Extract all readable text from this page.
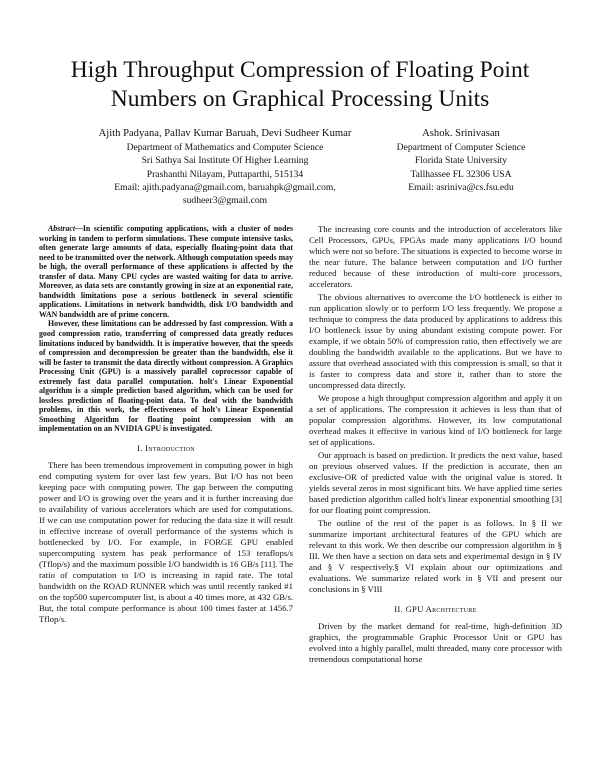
High Throughput Compression of Floating Point Numbers on Graphical Processing Units
Ajith Padyana, Pallav Kumar Baruah, Devi Sudheer Kumar
Department of Mathematics and Computer Science
Sri Sathya Sai Institute Of Higher Learning
Prashanthi Nilayam, Puttaparthi, 515134
Email: ajith.padyana@gmail.com, baruahpk@gmail.com,
sudheer3@gmail.com
Ashok. Srinivasan
Department of Computer Science
Florida State University
Tallhassee FL 32306 USA
Email: asriniva@cs.fsu.edu

Abstract—In scientific computing applications, with a cluster of nodes working in tandem to perform simulations. These compute intensive tasks, often generate large amounts of data, especially floating-point data that need to be transmitted over the network. Although computation speeds may be high, the overall performance of these applications is affected by the transfer of data. Many CPU cycles are wasted waiting for data to arrive. Moreover, as data sets are constantly growing in size at an exponential rate, bandwidth limitations pose a serious bottleneck in several scientific applications. Limitations in network bandwidth, disk I/O bandwidth and WAN bandwidth are of prime concern.

However, these limitations can be addressed by fast compression. With a good compression ratio, transferring of compressed data greatly reduces limitations induced by bandwidth. It is imperative however, that the speeds of compression and decompression be greater than the bandwidth, else it will be faster to transmit the data directly without compression. A Graphics Processing Unit (GPU) is a massively parallel coprocessor capable of extremely fast data parallel computation. holt's Linear Exponential algorithm is a simple prediction based algorithm, which can be used for lossless prediction of floating-point data. To deal with the bandwidth problems, in this work, the effectiveness of holt's Linear Exponential Smoothing Algorithm for floating point compression with an implementation on an NVIDIA GPU is investigated.

I. Introduction

There has been tremendous improvement in computing power in high end computing system for over last few years. But I/O has not been keeping pace with computing power. The gap between the computing power and I/O is growing over the years and it is further increasing due to availability of various accelerators which are used for computations. If we can use computation power for reducing the data size it will result in effective increase of overall performance of the systems which is bottlenecked by I/O. For example, in FORGE GPU enabled supercomputing system has peak performance of 153 teraflops/s (Tflop/s) and the maximum possible I/O bandwidth is 16 GB/s [11]. The ratio of computation to I/O is increasing in rapid rate. The total bandwidth on the ROAD RUNNER which was until recently ranked #1 on the top500 supercomputer list, is about a 40 times more, at 432 GB/s. But, the total compute performance is about 100 times faster at 1456.7 Tflop/s.

The increasing core counts and the introduction of accelerators like Cell Processors, GPUs, FPGAs made many applications I/O bound which were not so before. The situations is expected to become worse in the near future. The balance between computation and I/O further reduced because of these introduction of multi-core processors, accelerators.

The obvious alternatives to overcome the I/O bottleneck is either to run application slowly or to perform I/O less frequently. We propose a technique to compress the data produced by applications to address this I/O bottleneck issue by using abundant existing compute power. For example, if we obtain 50% of compression ratio, then effectively we are doubling the bandwidth available to the applications. But we have to assure that overhead associated with this compression is small, so that it is faster to compress data and store it, rather than to store the uncompressed data directly.

We propose a high throughput compression algorithm and apply it on a set of applications. The compression it achieves is less than that of popular compression algorithms. However, its low computational overhead makes it effective in various kind of I/O bottleneck for large set of applications.

Our approach is based on prediction. It predicts the next value, based on previous observed values. If the prediction is accurate, then an exclusive-OR of predicted value with the original value is stored. It yields several zeros in most significant bits. We have applied time series based prediction algorithm called holt's linear exponential smoothing [3] for our floating point compression.

The outline of the rest of the paper is as follows. In § II we summarize important architectural features of the GPU which are relevant to this work. We then describe our compression algorithm in § III. We then have a section on data sets and experimental design in § IV and § V respectively.§ VI explain about our optimizations and evaluations. We summarize related work in § VII and present our conclusions in § VIII

II. GPU Architecture

Driven by the market demand for real-time, high-definition 3D graphics, the programmable Graphic Processor Unit or GPU has evolved into a highly parallel, multi threaded, many core processor with tremendous computational horse
